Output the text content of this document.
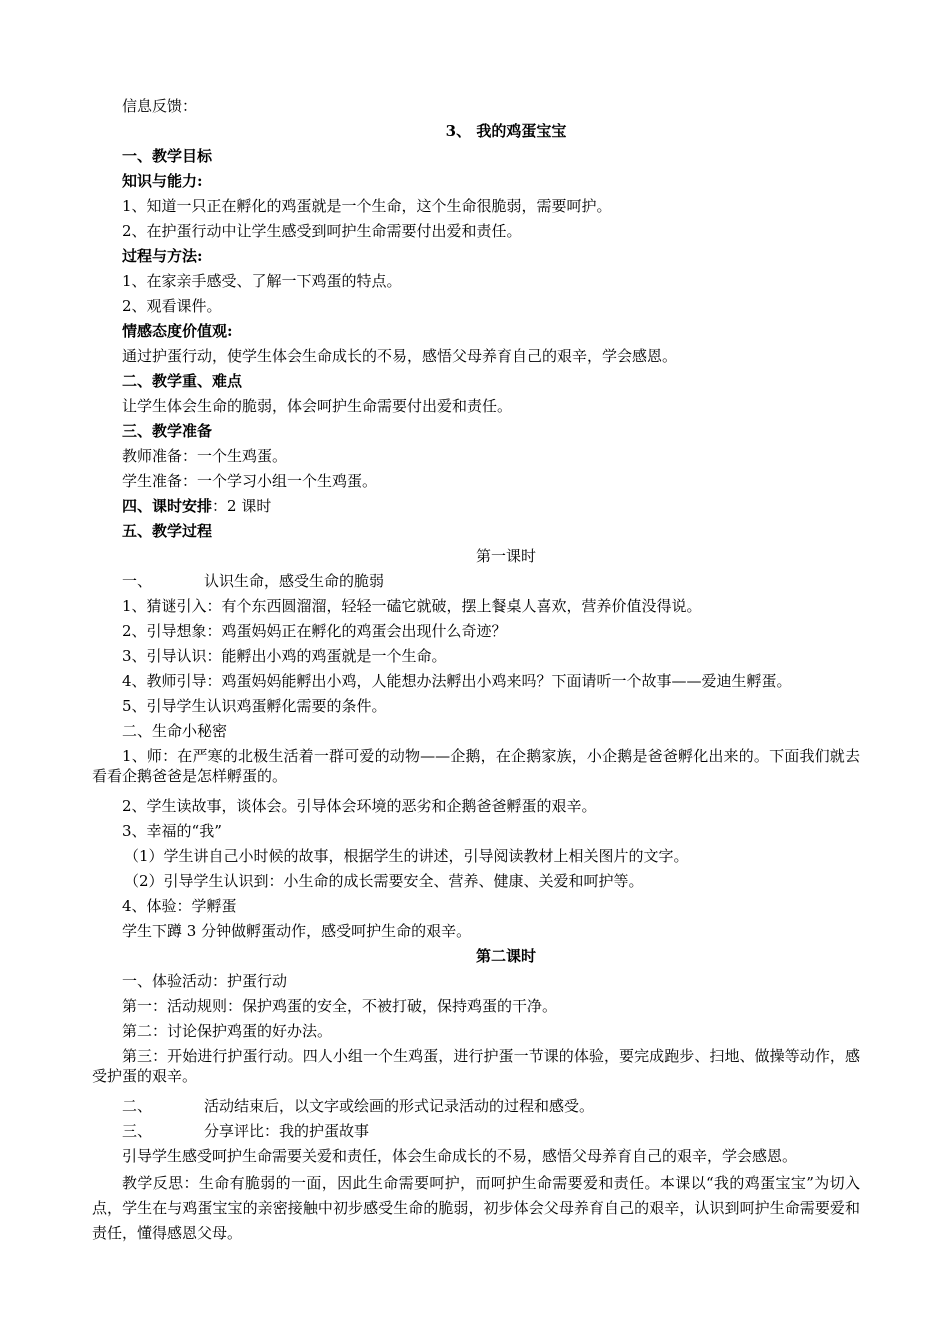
信息反馈：
3、 我的鸡蛋宝宝
一、教学目标
知识与能力:
1、知道一只正在孵化的鸡蛋就是一个生命，这个生命很脆弱，需要呵护。
2、在护蛋行动中让学生感受到呵护生命需要付出爱和责任。
过程与方法:
1、在家亲手感受、了解一下鸡蛋的特点。
2、观看课件。
情感态度价值观:
通过护蛋行动，使学生体会生命成长的不易，感悟父母养育自己的艰辛，学会感恩。
二、教学重、难点
让学生体会生命的脆弱，体会呵护生命需要付出爱和责任。
三、教学准备
教师准备：一个生鸡蛋。
学生准备：一个学习小组一个生鸡蛋。
四、课时安排：2 课时
五、教学过程
第一课时
一、	认识生命，感受生命的脆弱
1、猜谜引入：有个东西圆溜溜，轻轻一磕它就破，摆上餐桌人喜欢，营养价值没得说。
2、引导想象：鸡蛋妈妈正在孵化的鸡蛋会出现什么奇迹？
3、引导认识：能孵出小鸡的鸡蛋就是一个生命。
4、教师引导：鸡蛋妈妈能孵出小鸡，人能想办法孵出小鸡来吗？下面请听一个故事——爱迪生孵蛋。
5、引导学生认识鸡蛋孵化需要的条件。
二、生命小秘密
1、师：在严寒的北极生活着一群可爱的动物——企鹅，在企鹅家族，小企鹅是爸爸孵化出来的。下面我们就去看看企鹅爸爸是怎样孵蛋的。
2、学生读故事，谈体会。引导体会环境的恶劣和企鹅爸爸孵蛋的艰辛。
3、幸福的“我”
（1）学生讲自己小时候的故事，根据学生的讲述，引导阅读教材上相关图片的文字。
（2）引导学生认识到：小生命的成长需要安全、营养、健康、关爱和呵护等。
4、体验：学孵蛋
学生下蹲 3 分钟做孵蛋动作，感受呵护生命的艰辛。
第二课时
一、体验活动：护蛋行动
第一：活动规则：保护鸡蛋的安全，不被打破，保持鸡蛋的干净。
第二：讨论保护鸡蛋的好办法。
第三：开始进行护蛋行动。四人小组一个生鸡蛋，进行护蛋一节课的体验，要完成跑步、扫地、做操等动作，感受护蛋的艰辛。
二、	活动结束后，以文字或绘画的形式记录活动的过程和感受。
三、	分享评比：我的护蛋故事
引导学生感受呵护生命需要关爱和责任，体会生命成长的不易，感悟父母养育自己的艰辛，学会感恩。
教学反思：生命有脆弱的一面，因此生命需要呵护，而呵护生命需要爱和责任。本课以“我的鸡蛋宝宝”为切入点，学生在与鸡蛋宝宝的亲密接触中初步感受生命的脆弱，初步体会父母养育自己的艰辛，认识到呵护生命需要爱和责任，懂得感恩父母。
